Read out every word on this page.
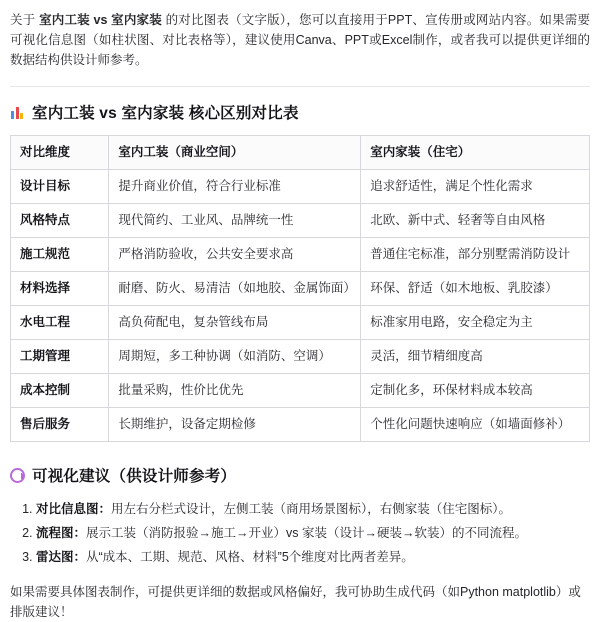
关于 室内工装 vs 室内家装 的对比图表（文字版），您可以直接用于PPT、宣传册或网站内容。如果需要可视化信息图（如柱状图、对比表格等），建议使用Canva、PPT或Excel制作，或者我可以提供更详细的数据结构供设计师参考。

室内工装 vs 室内家装 核心区别对比表
对比维度	室内工装（商业空间）	室内家装（住宅）
设计目标	提升商业价值，符合行业标准	追求舒适性，满足个性化需求
风格特点	现代简约、工业风、品牌统一性	北欧、新中式、轻奢等自由风格
施工规范	严格消防验收，公共安全要求高	普通住宅标准，部分别墅需消防设计
材料选择	耐磨、防火、易清洁（如地胶、金属饰面）	环保、舒适（如木地板、乳胶漆）
水电工程	高负荷配电，复杂管线布局	标准家用电路，安全稳定为主
工期管理	周期短，多工种协调（如消防、空调）	灵活，细节精细度高
成本控制	批量采购，性价比优先	定制化多，环保材料成本较高
售后服务	长期维护，设备定期检修	个性化问题快速响应（如墙面修补）
可视化建议（供设计师参考）
1. 对比信息图：用左右分栏式设计，左侧工装（商用场景图标），右侧家装（住宅图标）。
2. 流程图：展示工装（消防报验→施工→开业）vs 家装（设计→硬装→软装）的不同流程。
3. 雷达图：从“成本、工期、规范、风格、材料”5个维度对比两者差异。

如果需要具体图表制作，可提供更详细的数据或风格偏好，我可协助生成代码（如Python matplotlib）或排版建议！
